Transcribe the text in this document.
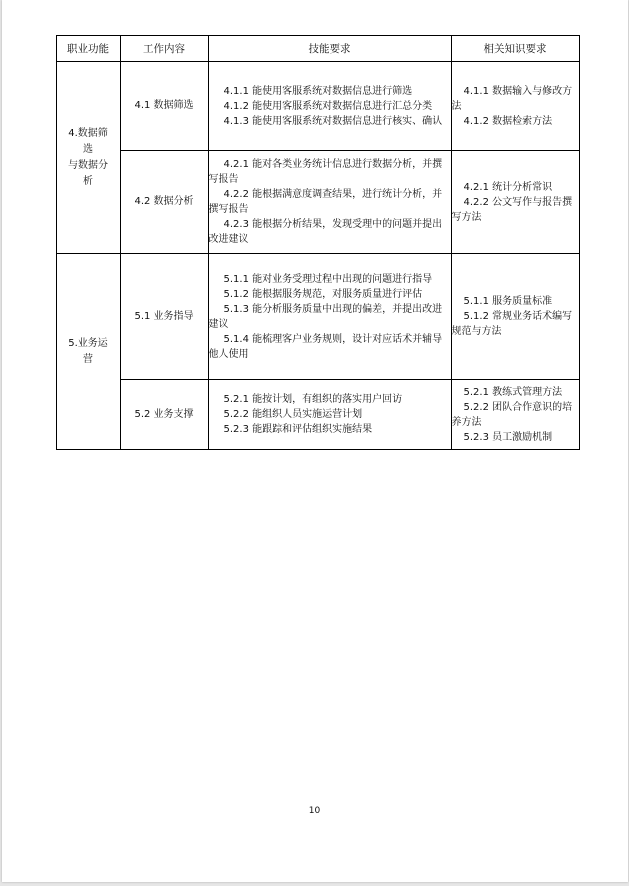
职业功能	工作内容	技能要求	相关知识要求

4.数据筛
选
与数据分
析	4.1 数据筛选	4.1.1 能使用客服系统对数据信息进行筛选
4.1.2 能使用客服系统对数据信息进行汇总分类
4.1.3 能使用客服系统对数据信息进行核实、确认	4.1.1 数据输入与修改方法
4.1.2 数据检索方法

	4.2 数据分析	4.2.1 能对各类业务统计信息进行数据分析，并撰写报告
4.2.2 能根据满意度调查结果，进行统计分析，并撰写报告
4.2.3 能根据分析结果，发现受理中的问题并提出改进建议	4.2.1 统计分析常识
4.2.2 公文写作与报告撰写方法

5.业务运
营	5.1 业务指导	5.1.1 能对业务受理过程中出现的问题进行指导
5.1.2 能根据服务规范，对服务质量进行评估
5.1.3 能分析服务质量中出现的偏差，并提出改进建议
5.1.4 能梳理客户业务规则，设计对应话术并辅导他人使用	5.1.1 服务质量标准
5.1.2 常规业务话术编写规范与方法

	5.2 业务支撑	5.2.1 能按计划，有组织的落实用户回访
5.2.2 能组织人员实施运营计划
5.2.3 能跟踪和评估组织实施结果	5.2.1 教练式管理方法
5.2.2 团队合作意识的培养方法
5.2.3 员工激励机制
10
